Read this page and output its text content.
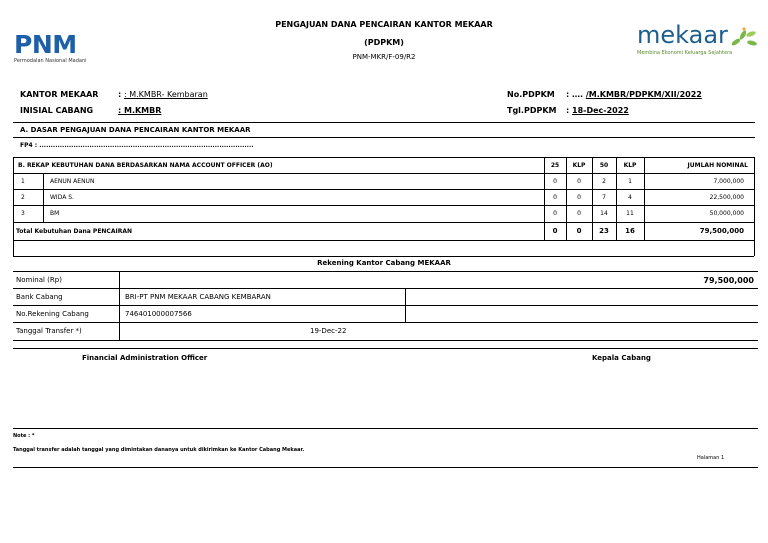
PNM
Permodalan Nasional Madani
PENGAJUAN DANA PENCAIRAN KANTOR MEKAAR
(PDPKM)
PNM-MKR/F-09/R2
mekaar
Membina Ekonomi Keluarga Sejahtera
KANTOR MEKAAR : : M.KMBR- Kembaran
INISIAL CABANG	: M.KMBR
No.PDPKM : …. /M.KMBR/PDPKM/XII/2022
Tgl.PDPKM : 18-Dec-2022
A. DASAR PENGAJUAN DANA PENCAIRAN KANTOR MEKAAR
FP4 : ..............................................................................................
B. REKAP KEBUTUHAN DANA BERDASARKAN NAMA ACCOUNT OFFICER (AO)	25	KLP	50	KLP	JUMLAH NOMINAL
1	AENUN AENUN	0	0	2	1	7,000,000
2	WIDA S.	0	0	7	4	22,500,000
3	BM	0	0	14	11	50,000,000
Total Kebutuhan Dana PENCAIRAN	0	0	23	16	79,500,000
Rekening Kantor Cabang MEKAAR
Nominal (Rp)	79,500,000
Bank Cabang	BRI-PT PNM MEKAAR CABANG KEMBARAN
No.Rekening Cabang	746401000007566
Tanggal Transfer *)	19-Dec-22
Financial Administration Officer	Kepala Cabang
Note : *
Tanggal transfer adalah tanggal yang dimintakan dananya untuk dikirimkan ke Kantor Cabang Mekaar.
Halaman 1
